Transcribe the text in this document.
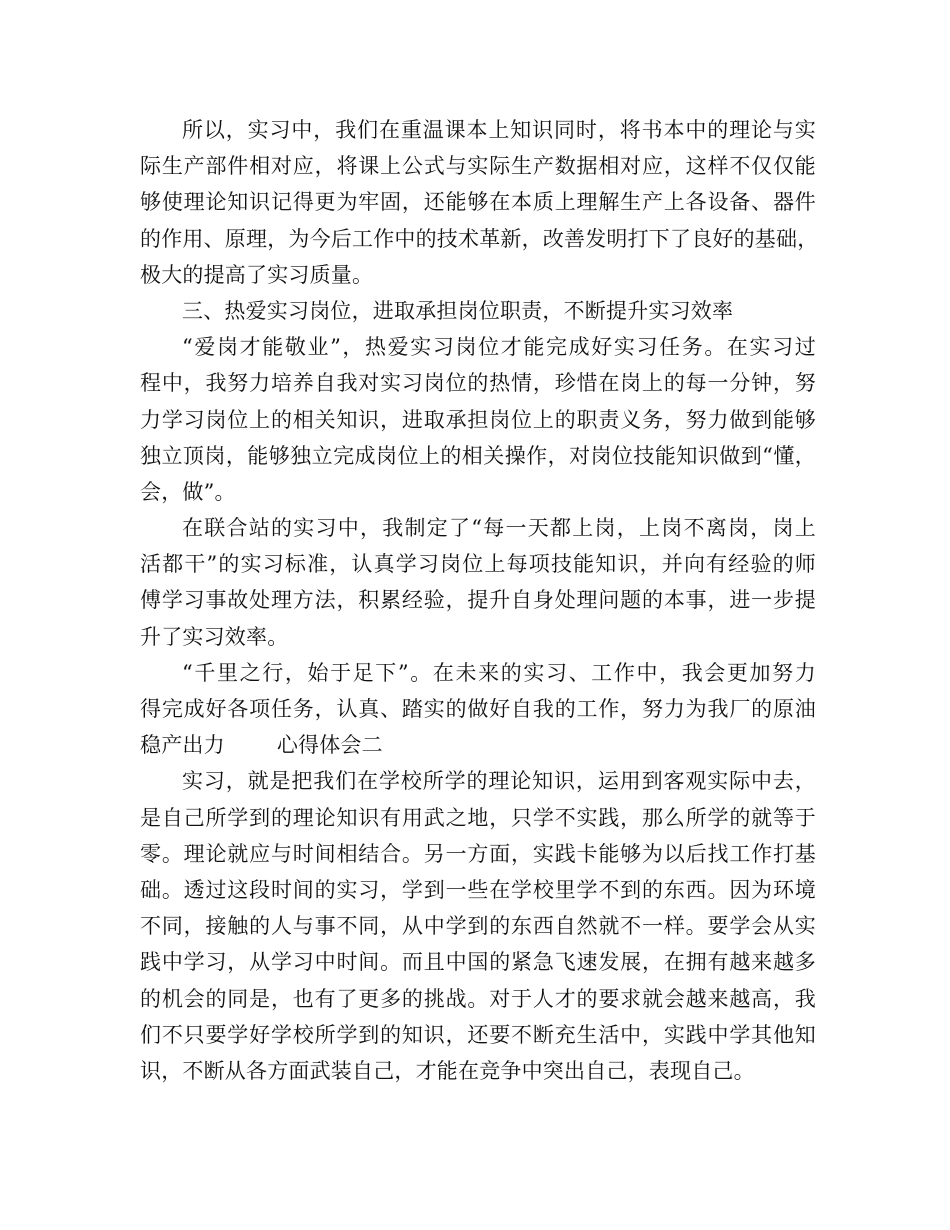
所以，实习中，我们在重温课本上知识同时，将书本中的理论与实
际生产部件相对应，将课上公式与实际生产数据相对应，这样不仅仅能
够使理论知识记得更为牢固，还能够在本质上理解生产上各设备、器件
的作用、原理，为今后工作中的技术革新，改善发明打下了良好的基础，
极大的提高了实习质量。
三、热爱实习岗位，进取承担岗位职责，不断提升实习效率
“爱岗才能敬业”，热爱实习岗位才能完成好实习任务。在实习过
程中，我努力培养自我对实习岗位的热情，珍惜在岗上的每一分钟，努
力学习岗位上的相关知识，进取承担岗位上的职责义务，努力做到能够
独立顶岗，能够独立完成岗位上的相关操作，对岗位技能知识做到“懂，
会，做”。
在联合站的实习中，我制定了“每一天都上岗，上岗不离岗，岗上
活都干”的实习标准，认真学习岗位上每项技能知识，并向有经验的师
傅学习事故处理方法，积累经验，提升自身处理问题的本事，进一步提
升了实习效率。
“千里之行，始于足下”。在未来的实习、工作中，我会更加努力
得完成好各项任务，认真、踏实的做好自我的工作，努力为我厂的原油
稳产出力 心得体会二
实习，就是把我们在学校所学的理论知识，运用到客观实际中去，
是自己所学到的理论知识有用武之地，只学不实践，那么所学的就等于
零。理论就应与时间相结合。另一方面，实践卡能够为以后找工作打基
础。透过这段时间的实习，学到一些在学校里学不到的东西。因为环境
不同，接触的人与事不同，从中学到的东西自然就不一样。要学会从实
践中学习，从学习中时间。而且中国的紧急飞速发展，在拥有越来越多
的机会的同是，也有了更多的挑战。对于人才的要求就会越来越高，我
们不只要学好学校所学到的知识，还要不断充生活中，实践中学其他知
识，不断从各方面武装自己，才能在竞争中突出自己，表现自己。
